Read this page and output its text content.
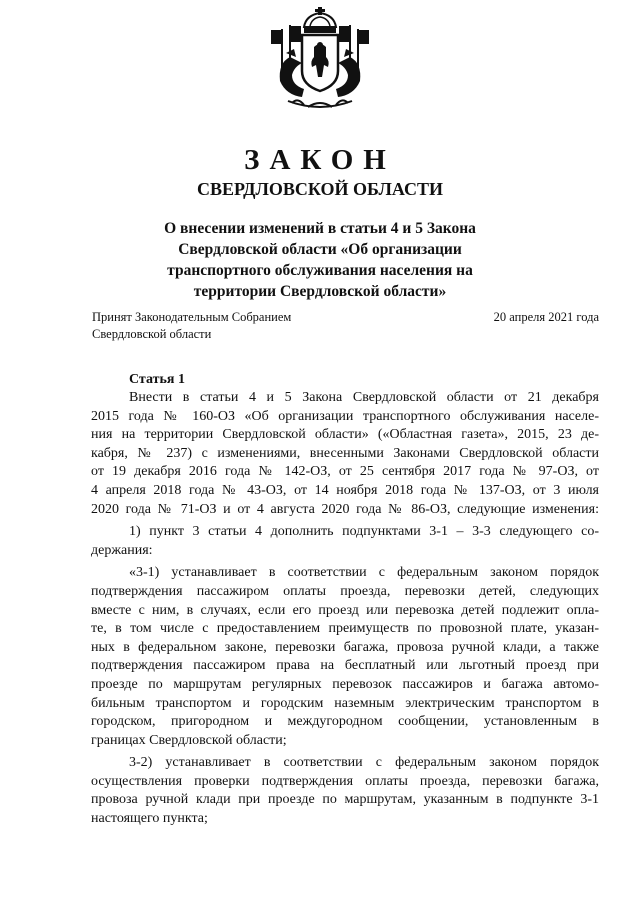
ЗАКОН
СВЕРДЛОВСКОЙ ОБЛАСТИ
О внесении изменений в статьи 4 и 5 Закона
Свердловской области «Об организации
транспортного обслуживания населения на
территории Свердловской области»
Принят Законодательным Собранием
Свердловской области
20 апреля 2021 года
Статья 1

Внести в статьи 4 и 5 Закона Свердловской области от 21 декабря
2015 года № 160-ОЗ «Об организации транспортного обслуживания населе-
ния на территории Свердловской области» («Областная газета», 2015, 23 де-
кабря, № 237) с изменениями, внесенными Законами Свердловской области
от 19 декабря 2016 года № 142-ОЗ, от 25 сентября 2017 года № 97-ОЗ, от
4 апреля 2018 года № 43-ОЗ, от 14 ноября 2018 года № 137-ОЗ, от 3 июля
2020 года № 71-ОЗ и от 4 августа 2020 года № 86-ОЗ, следующие изменения:

1) пункт 3 статьи 4 дополнить подпунктами 3-1 – 3-3 следующего со-
держания:

«3-1) устанавливает в соответствии с федеральным законом порядок
подтверждения пассажиром оплаты проезда, перевозки детей, следующих
вместе с ним, в случаях, если его проезд или перевозка детей подлежит опла-
те, в том числе с предоставлением преимуществ по провозной плате, указан-
ных в федеральном законе, перевозки багажа, провоза ручной клади, а также
подтверждения пассажиром права на бесплатный или льготный проезд при
проезде по маршрутам регулярных перевозок пассажиров и багажа автомо-
бильным транспортом и городским наземным электрическим транспортом в
городском, пригородном и междугородном сообщении, установленным в
границах Свердловской области;

3-2) устанавливает в соответствии с федеральным законом порядок
осуществления проверки подтверждения оплаты проезда, перевозки багажа,
провоза ручной клади при проезде по маршрутам, указанным в подпункте 3-1
настоящего пункта;
